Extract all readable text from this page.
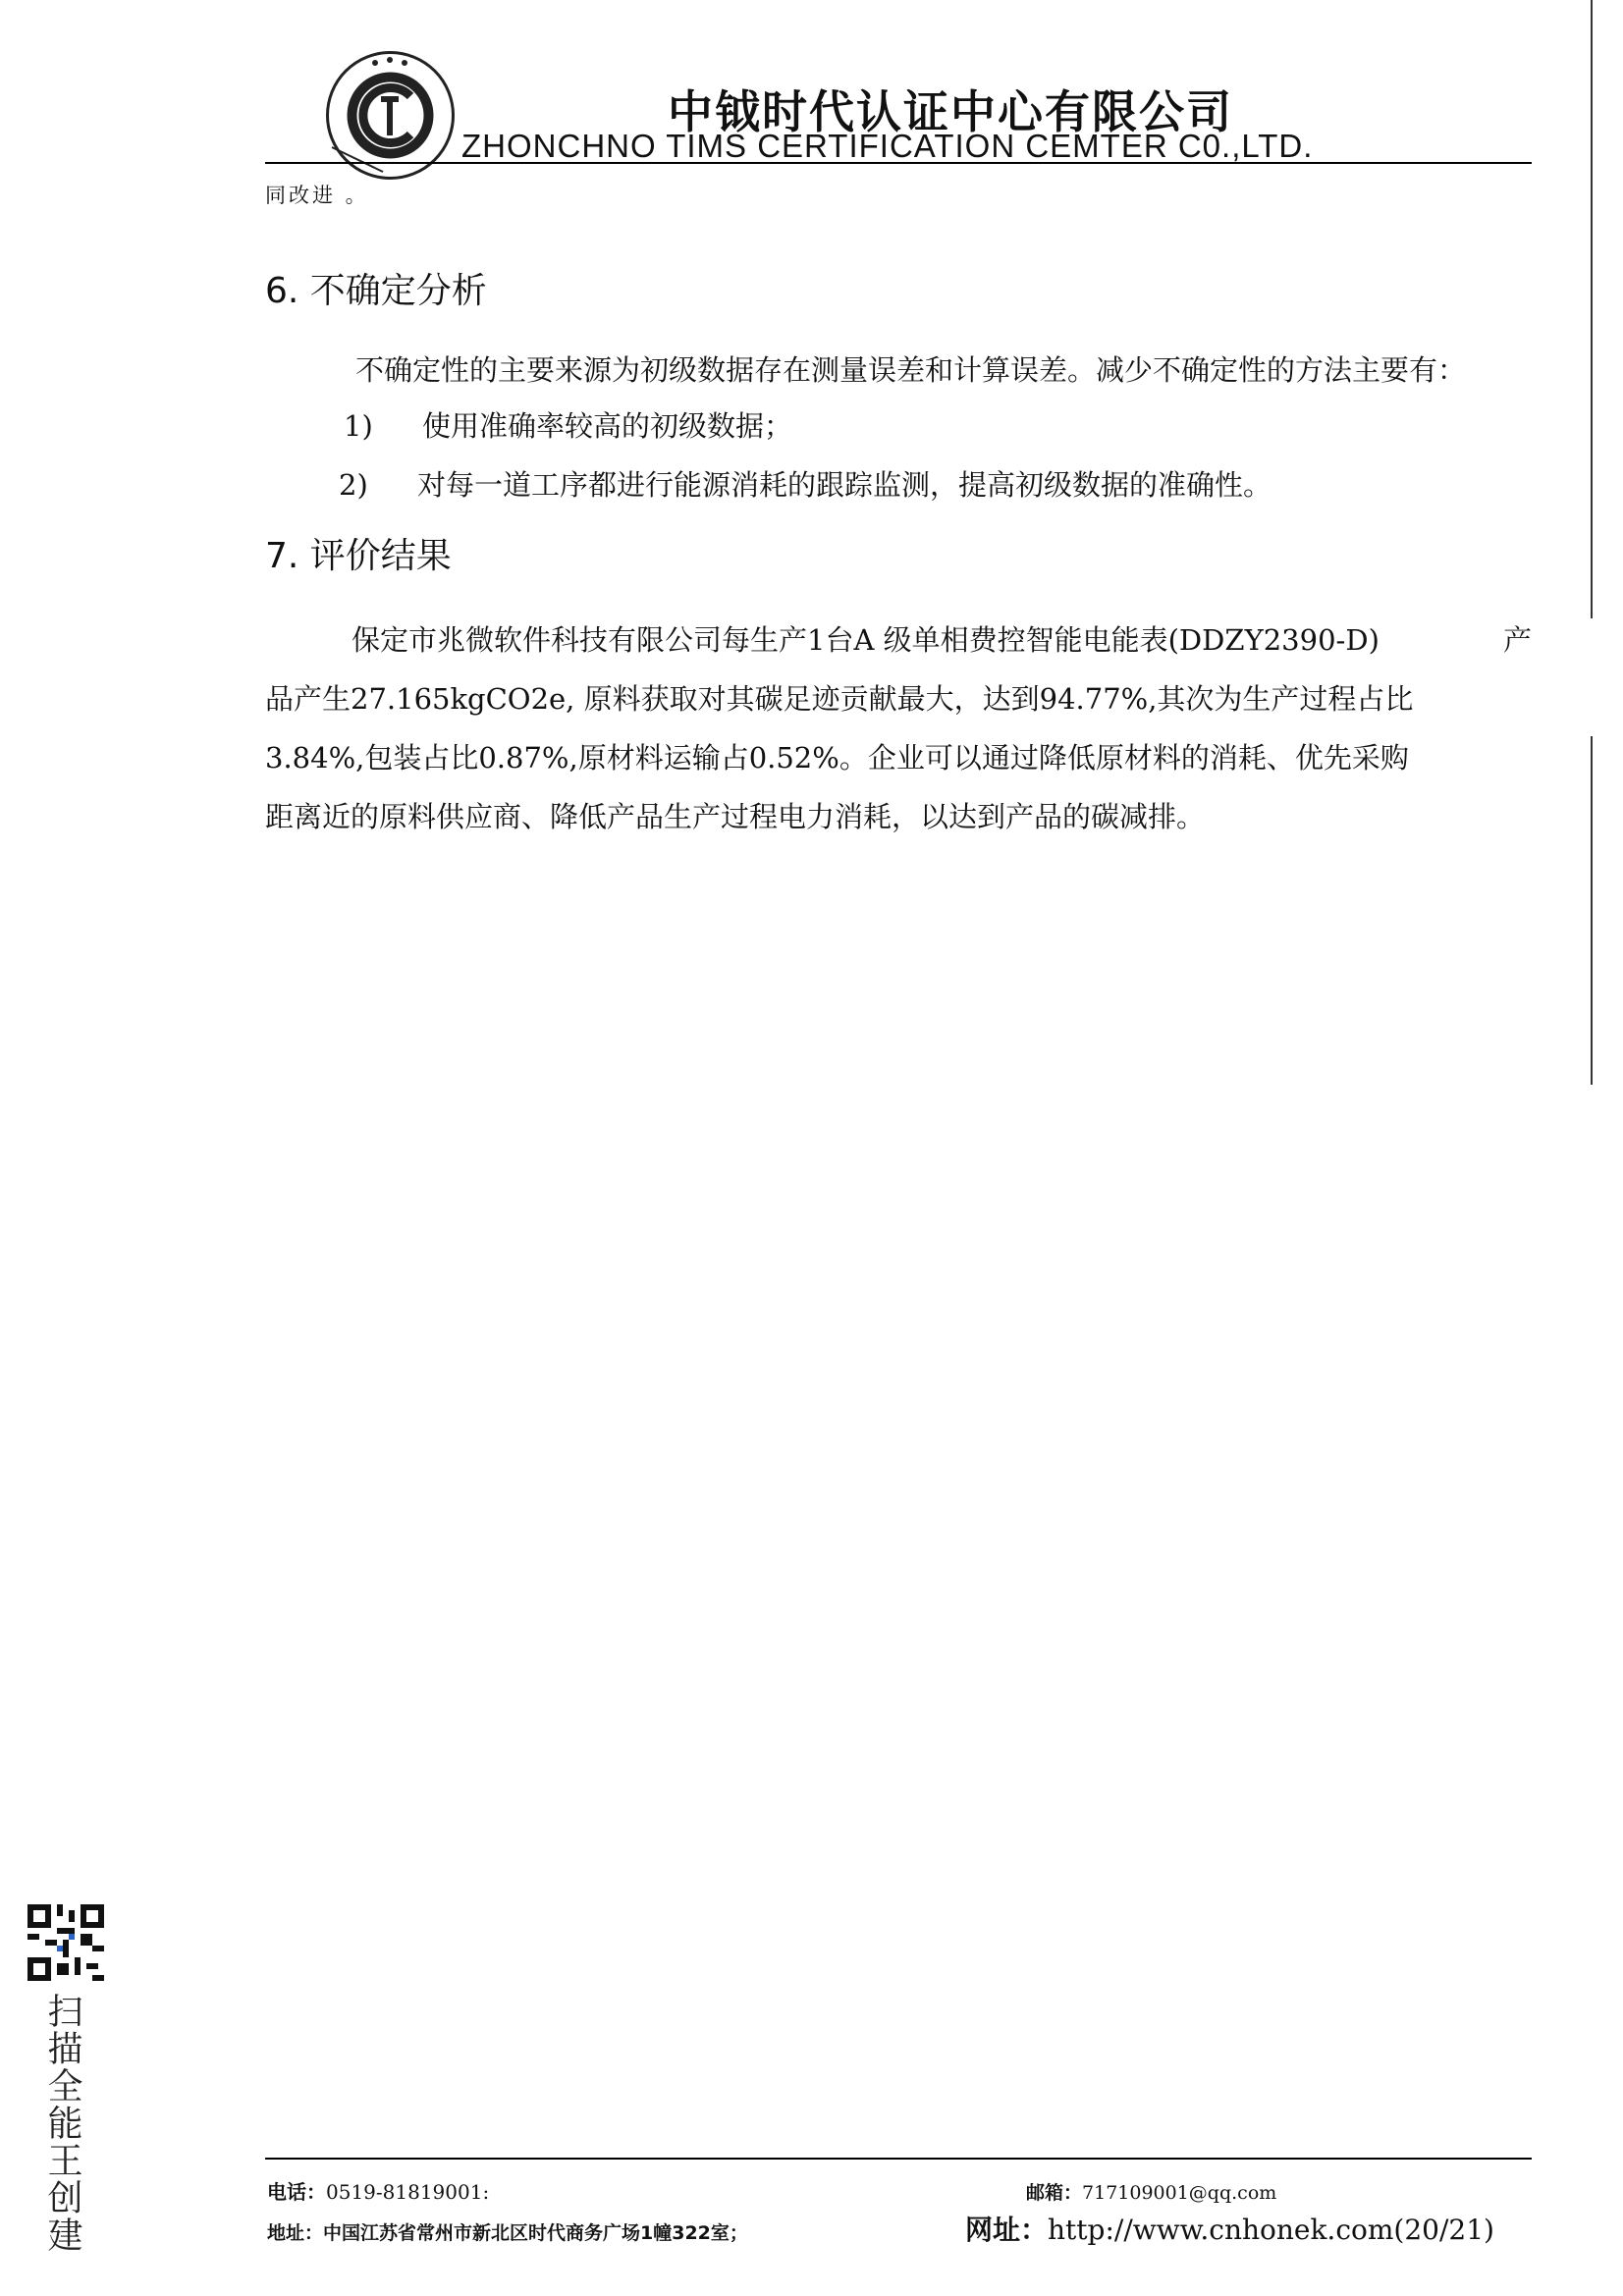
中钺时代认证中心有限公司
ZHONCHNO TIMS CERTIFICATION CEMTER C0.,LTD.
同改进 。
6. 不确定分析
不确定性的主要来源为初级数据存在测量误差和计算误差。减少不确定性的方法主要有：
1) 使用准确率较高的初级数据；
2) 对每一道工序都进行能源消耗的跟踪监测，提高初级数据的准确性。
7. 评价结果
保定市兆微软件科技有限公司每生产1台A 级单相费控智能电能表(DDZY2390-D)	产
品产生27.165kgCO2e, 原料获取对其碳足迹贡献最大，达到94.77%,其次为生产过程占比
3.84%,包装占比0.87%,原材料运输占0.52%。企业可以通过降低原材料的消耗、优先采购
距离近的原料供应商、降低产品生产过程电力消耗，以达到产品的碳减排。
扫描全能王创建	电话：0519-81819001:	邮箱：717109001@qq.com
地址：中国江苏省常州市新北区时代商务广场1幢322室；	网址：http://www.cnhonek.com(20/21)
